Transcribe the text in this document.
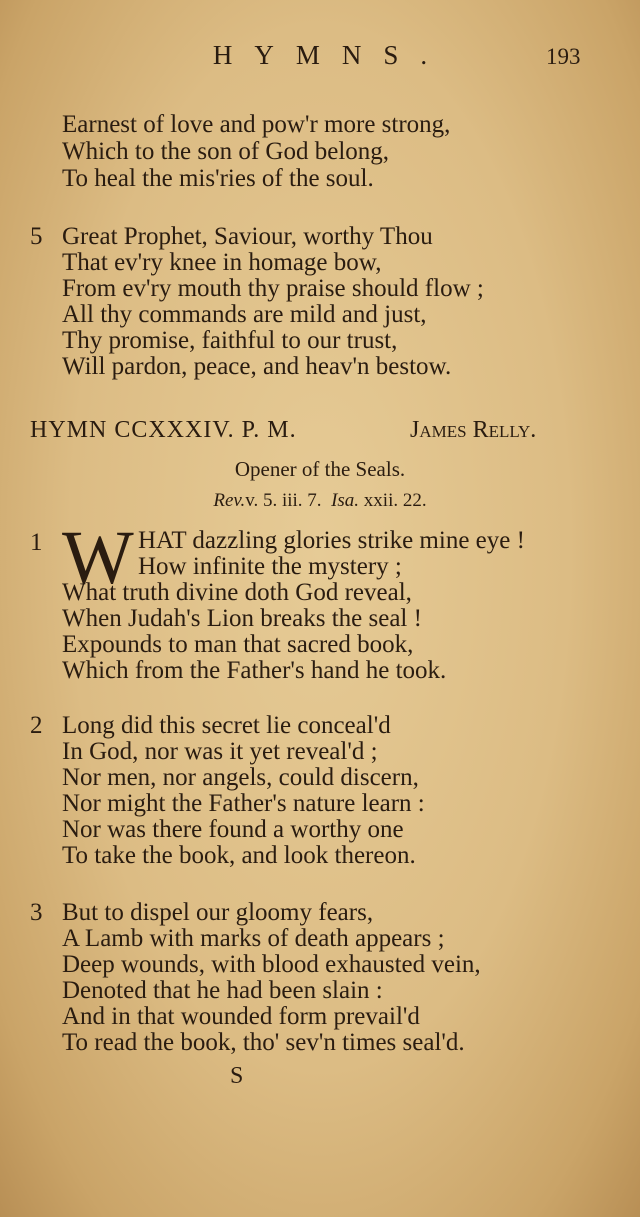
HYMNS.	193
Earnest of love and pow'r more strong,
Which to the son of God belong,
To heal the mis'ries of the soul.
5 Great Prophet, Saviour, worthy Thou
That ev'ry knee in homage bow,
From ev'ry mouth thy praise should flow ;
All thy commands are mild and just,
Thy promise, faithful to our trust,
Will pardon, peace, and heav'n bestow.
HYMN CCXXXIV. P. M.	James Relly.
Opener of the Seals.
Rev.v. 5. iii. 7. Isa. xxii. 22.
1 W HAT dazzling glories strike mine eye !
How infinite the mystery ;
What truth divine doth God reveal,
When Judah's Lion breaks the seal !
Expounds to man that sacred book,
Which from the Father's hand he took.
2 Long did this secret lie conceal'd
In God, nor was it yet reveal'd ;
Nor men, nor angels, could discern,
Nor might the Father's nature learn :
Nor was there found a worthy one
To take the book, and look thereon.
3 But to dispel our gloomy fears,
A Lamb with marks of death appears ;
Deep wounds, with blood exhausted vein,
Denoted that he had been slain :
And in that wounded form prevail'd
To read the book, tho' sev'n times seal'd.
S
